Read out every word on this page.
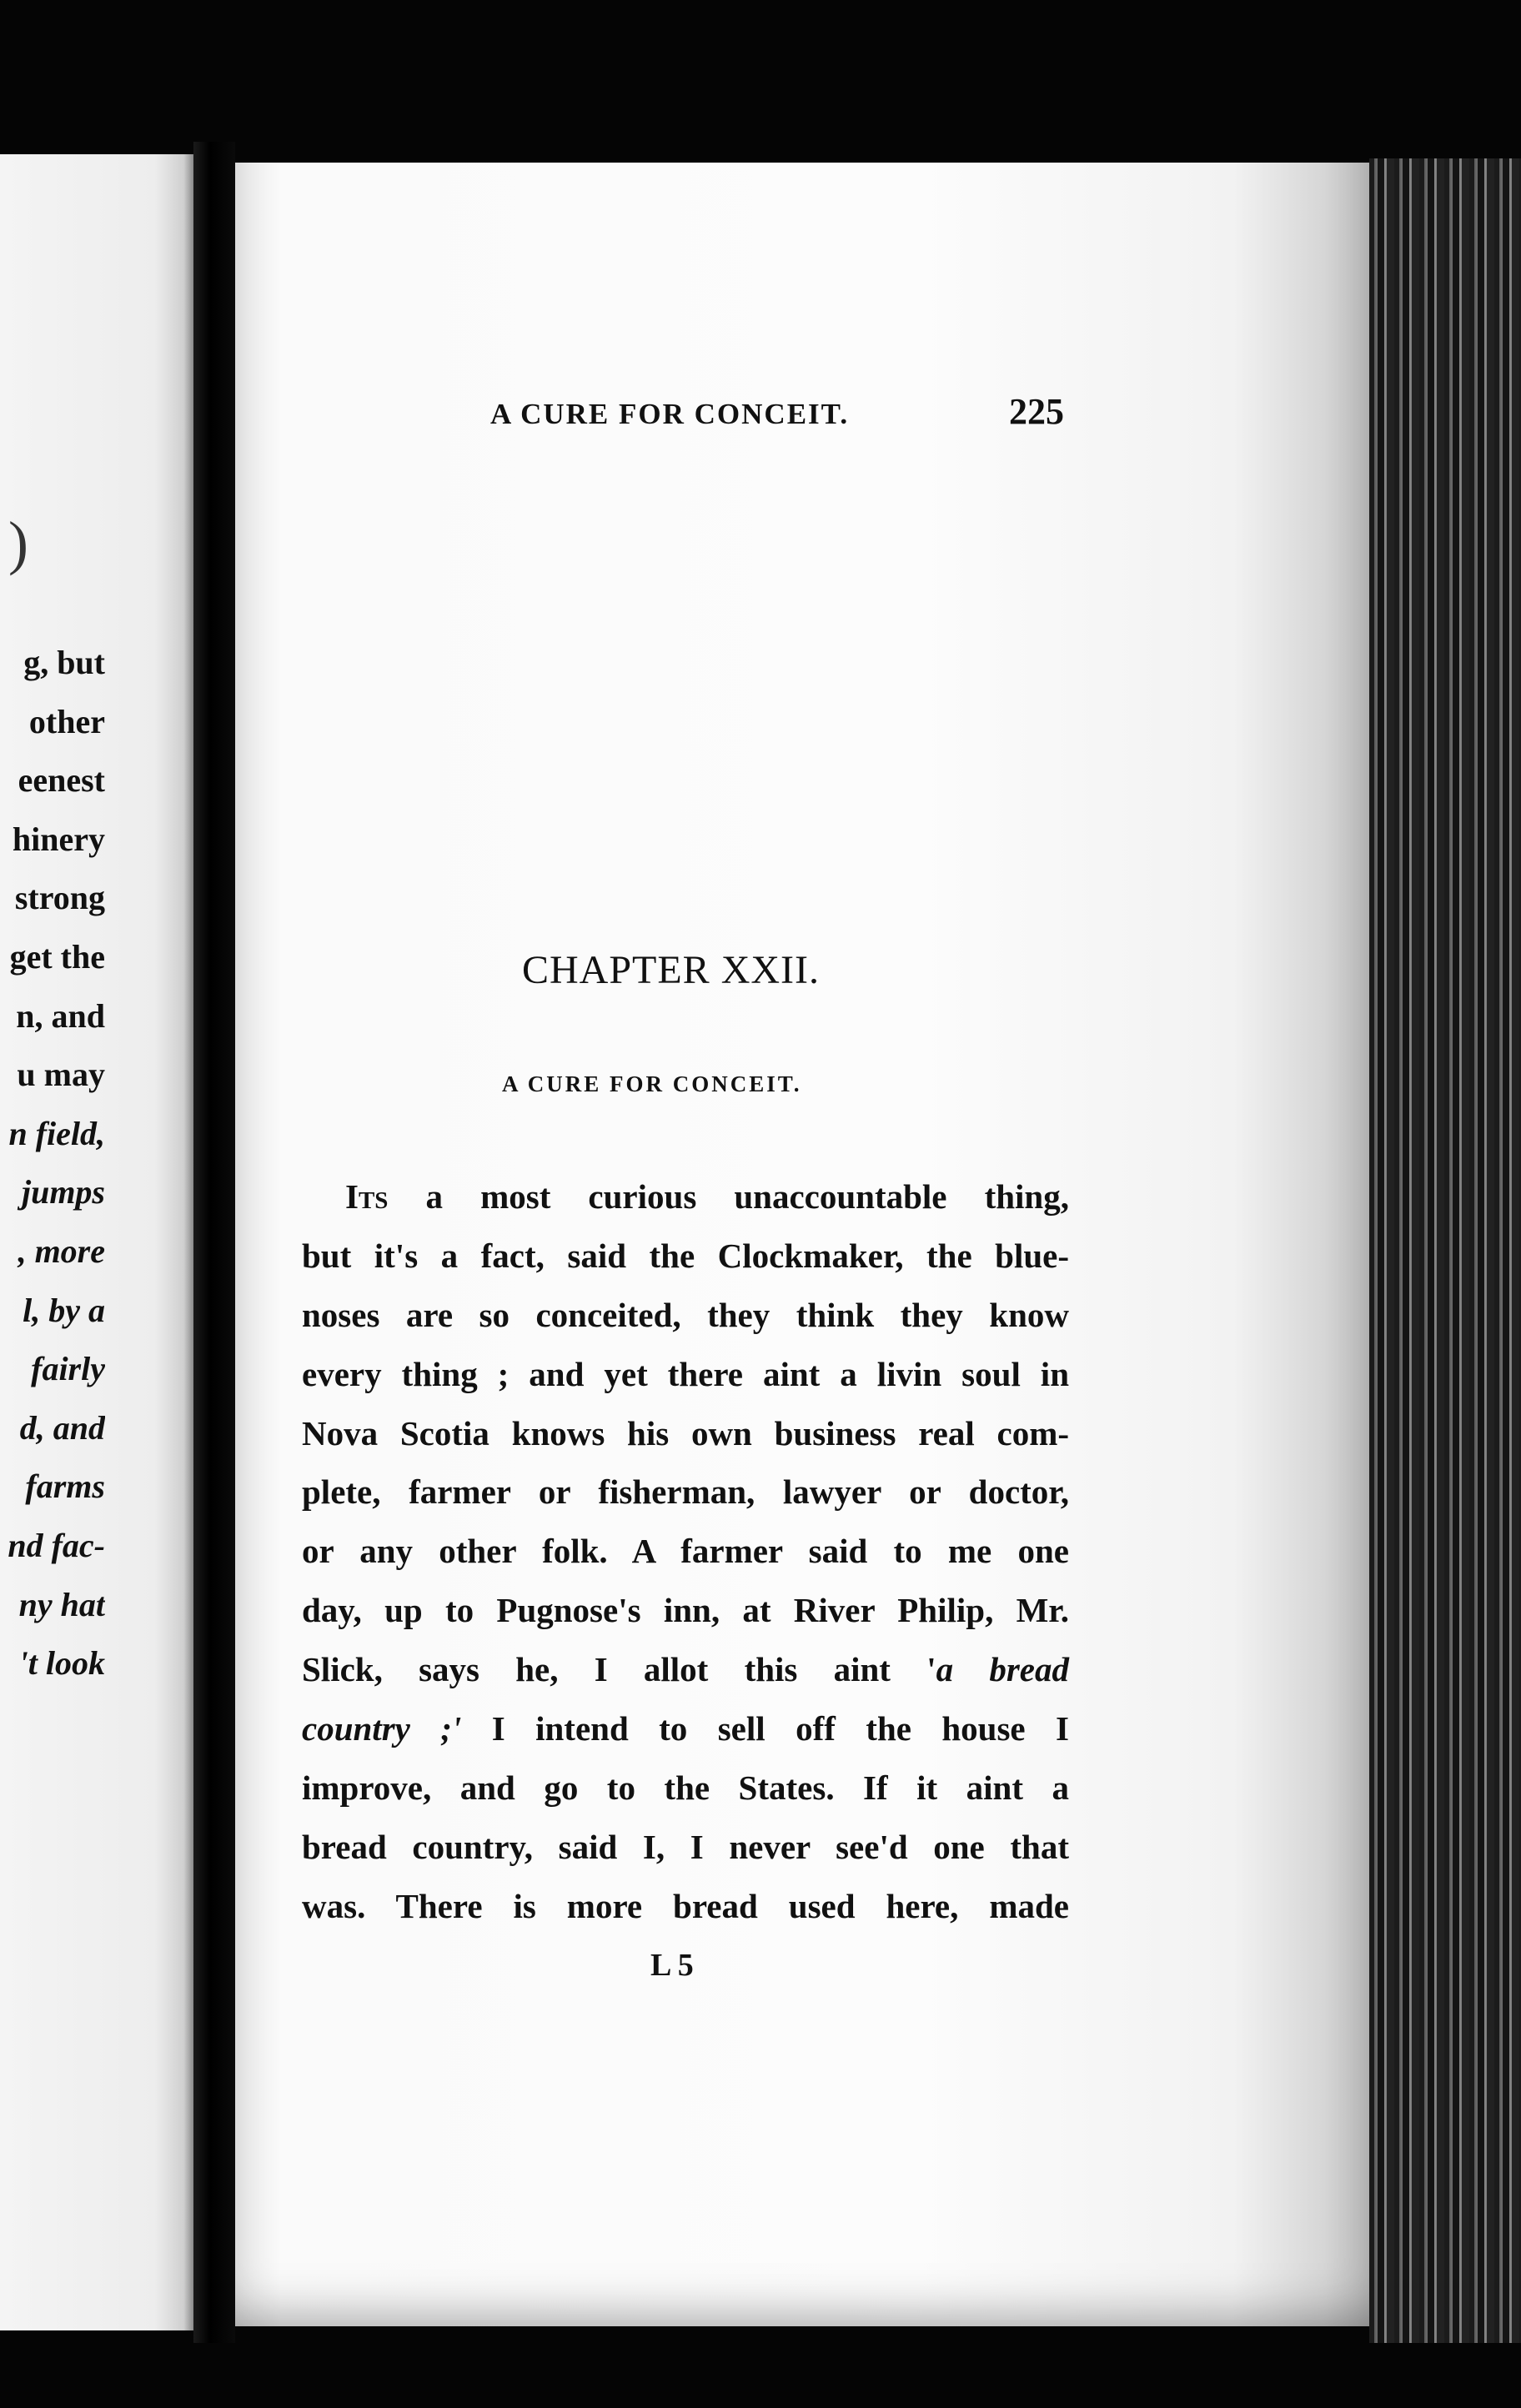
)
g, but
other
eenest
hinery
strong
get the
n, and
u may
n field,
jumps
, more
l, by a
fairly
d, and
farms
nd fac-
ny hat
't look
A CURE FOR CONCEIT.	225
CHAPTER XXII.
A CURE FOR CONCEIT.
Its a most curious unaccountable thing,
but it's a fact, said the Clockmaker, the blue-
noses are so conceited, they think they know
every thing ; and yet there aint a livin soul in
Nova Scotia knows his own business real com-
plete, farmer or fisherman, lawyer or doctor,
or any other folk. A farmer said to me one
day, up to Pugnose's inn, at River Philip, Mr.
Slick, says he, I allot this aint 'a bread
country ;' I intend to sell off the house I
improve, and go to the States. If it aint a
bread country, said I, I never see'd one that
was. There is more bread used here, made
L 5
